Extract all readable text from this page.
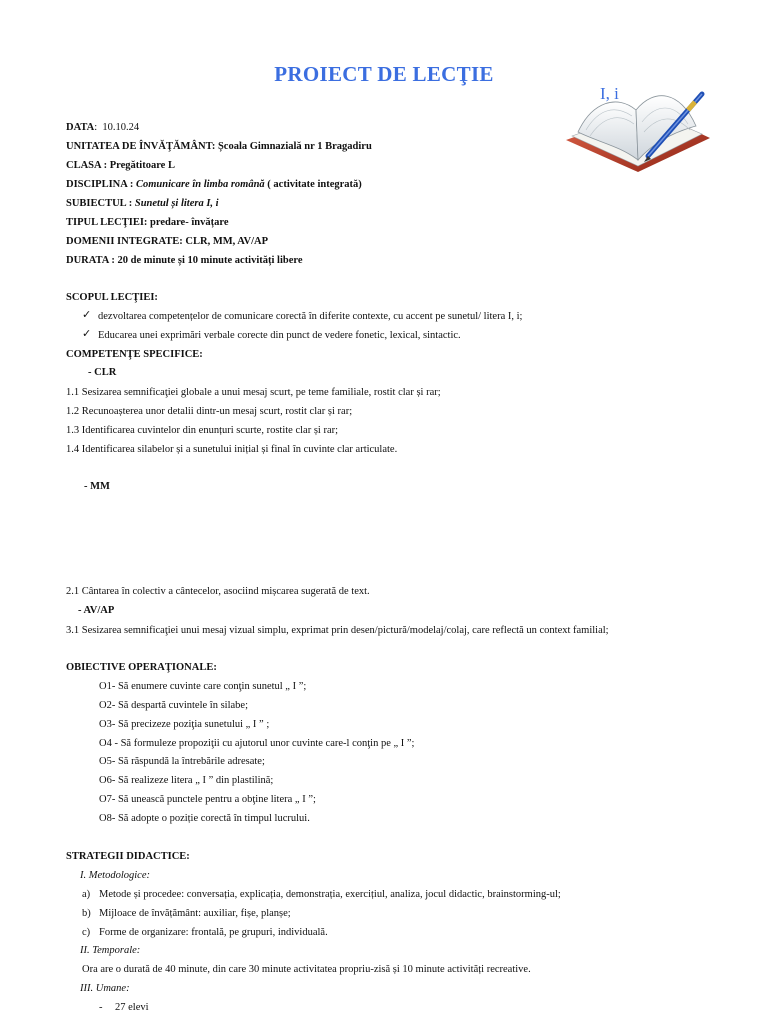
PROIECT DE LECŢIE
I, i
DATA:  10.10.24
UNITATEA DE ÎNVĂŢĂMÂNT: Școala Gimnazială nr 1 Bragadiru
CLASA : Pregătitoare L
DISCIPLINA : Comunicare în limba română ( activitate integrată)
SUBIECTUL : Sunetul și litera I, i
TIPUL LECŢIEI: predare- învățare
DOMENII INTEGRATE: CLR, MM, AV/AP
DURATA : 20 de minute și 10 minute activități libere
SCOPUL LECŢIEI:
✓ dezvoltarea competențelor de comunicare corectă în diferite contexte, cu accent pe sunetul/ litera I, i;
✓ Educarea unei exprimări verbale corecte din punct de vedere fonetic, lexical, sintactic.
COMPETENŢE SPECIFICE:
- CLR
1.1 Sesizarea semnificaţiei globale a unui mesaj scurt, pe teme familiale, rostit clar și rar;
1.2 Recunoașterea unor detalii dintr-un mesaj scurt, rostit clar și rar;
1.3 Identificarea cuvintelor din enunțuri scurte, rostite clar și rar;
1.4 Identificarea silabelor și a sunetului inițial și final în cuvinte clar articulate.
- MM
2.1 Cântarea în colectiv a cântecelor, asociind mișcarea sugerată de text.
- AV/AP
3.1 Sesizarea semnificaţiei unui mesaj vizual simplu, exprimat prin desen/pictură/modelaj/colaj, care reflectă un context familial;
OBIECTIVE OPERAŢIONALE:
O1- Să enumere cuvinte care conţin sunetul „ I ”;
O2- Să despartă cuvintele în silabe;
O3- Să precizeze poziţia sunetului „ I ” ;
O4 - Să formuleze propoziţii cu ajutorul unor cuvinte care-l conţin pe „ I ”;
O5- Să răspundă la întrebările adresate;
O6- Să realizeze litera „ I ” din plastilină;
O7- Să unească punctele pentru a obţine litera „ I ”;
O8- Să adopte o poziție corectă în timpul lucrului.
STRATEGII DIDACTICE:
I. Metodologice:
a) Metode și procedee: conversația, explicația, demonstrația, exercițiul, analiza, jocul didactic, brainstorming-ul;
b) Mijloace de învățământ: auxiliar, fișe, planșe;
c) Forme de organizare: frontală, pe grupuri, individuală.
II. Temporale:
Ora are o durată de 40 minute, din care 30 minute activitatea propriu-zisă și 10 minute activități recreative.
III. Umane:
- 27 elevi
